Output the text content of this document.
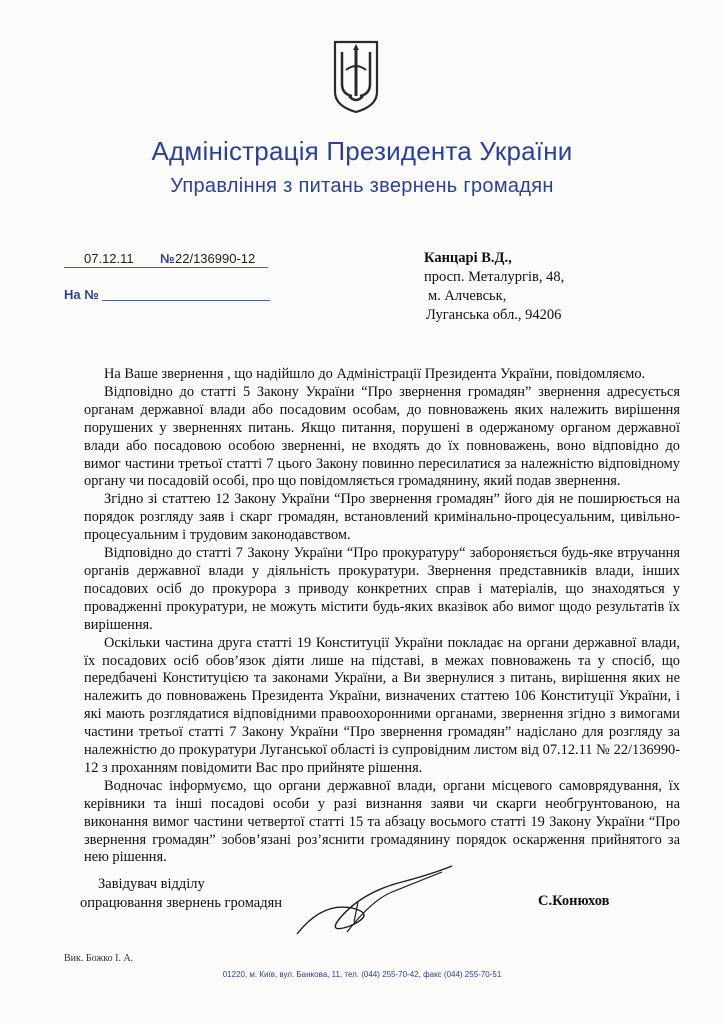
Адміністрація Президента України
Управління з питань звернень громадян
07.12.11 № 22/136990-12
На №
Канцарі В.Д.,
просп. Металургів, 48,
м. Алчевськ,
Луганська обл., 94206

На Ваше звернення , що надійшло до Адміністрації Президента України, повідомляємо.

Відповідно до статті 5 Закону України “Про звернення громадян” звернення адресується органам державної влади або посадовим особам, до повноважень яких належить вирішення порушених у зверненнях питань. Якщо питання, порушені в одержаному органом державної влади або посадовою особою зверненні, не входять до їх повноважень, воно відповідно до вимог частини третьої статті 7 цього Закону повинно пересилатися за належністю відповідному органу чи посадовій особі, про що повідомляється громадянину, який подав звернення.

Згідно зі статтею 12 Закону України “Про звернення громадян” його дія не поширюється на порядок розгляду заяв і скарг громадян, встановлений кримінально-процесуальним, цивільно-процесуальним і трудовим законодавством.

Відповідно до статті 7 Закону України “Про прокуратуру“ забороняється будь-яке втручання органів державної влади у діяльність прокуратури. Звернення представників влади, інших посадових осіб до прокурора з приводу конкретних справ і матеріалів, що знаходяться у провадженні прокуратури, не можуть містити будь-яких вказівок або вимог щодо результатів їх вирішення.

Оскільки частина друга статті 19 Конституції України покладає на органи державної влади, їх посадових осіб обов’язок діяти лише на підставі, в межах повноважень та у спосіб, що передбачені Конституцією та законами України, а Ви звернулися з питань, вирішення яких не належить до повноважень Президента України, визначених статтею 106 Конституції України, і які мають розглядатися відповідними правоохоронними органами, звернення згідно з вимогами частини третьої статті 7 Закону України “Про звернення громадян” надіслано для розгляду за належністю до прокуратури Луганської області із супровідним листом від 07.12.11 № 22/136990-12 з проханням повідомити Вас про прийняте рішення.

Водночас інформуємо, що органи державної влади, органи місцевого самоврядування, їх керівники та інші посадові особи у разі визнання заяви чи скарги необгрунтованою, на виконання вимог частини четвертої статті 15 та абзацу восьмого статті 19 Закону України “Про звернення громадян” зобов’язані роз’яснити громадянину порядок оскарження прийнятого за нею рішення.

Завідувач відділу
опрацювання звернень громадян	С.Конюхов
Вик. Божко І. А.
01220, м. Київ, вул. Банкова, 11, тел. (044) 255-70-42, факс (044) 255-70-51
